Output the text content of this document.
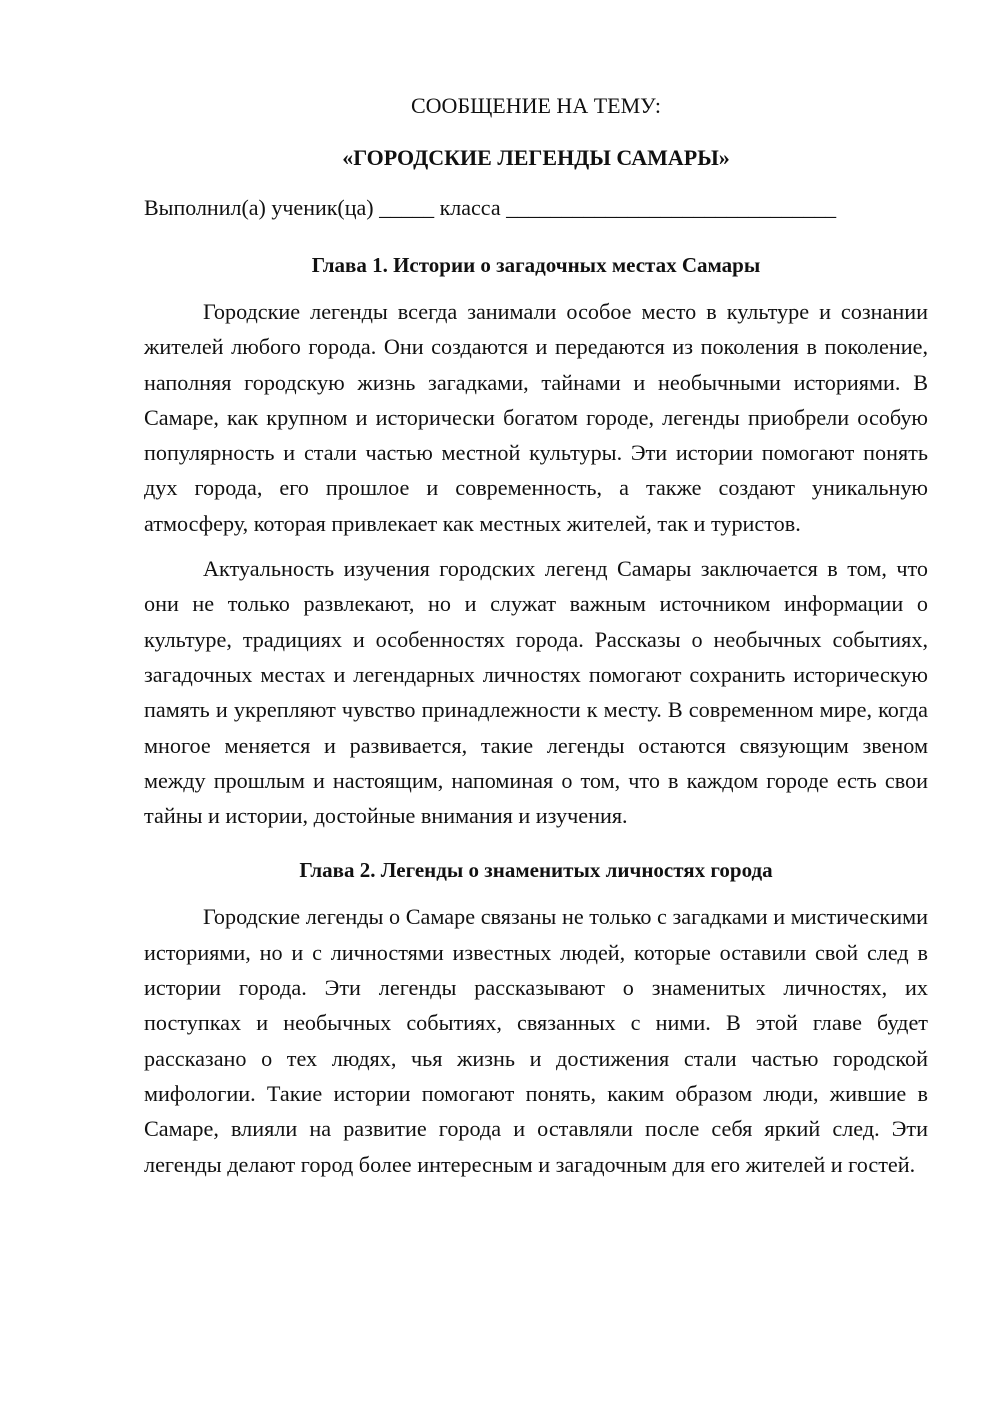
СООБЩЕНИЕ НА ТЕМУ:

«ГОРОДСКИЕ ЛЕГЕНДЫ САМАРЫ»

Выполнил(а) ученик(ца) _____ класса ______________________________

Глава 1. Истории о загадочных местах Самары

Городские легенды всегда занимали особое место в культуре и сознании жителей любого города. Они создаются и передаются из поколения в поколение, наполняя городскую жизнь загадками, тайнами и необычными историями. В Самаре, как крупном и исторически богатом городе, легенды приобрели особую популярность и стали частью местной культуры. Эти истории помогают понять дух города, его прошлое и современность, а также создают уникальную атмосферу, которая привлекает как местных жителей, так и туристов.

Актуальность изучения городских легенд Самары заключается в том, что они не только развлекают, но и служат важным источником информации о культуре, традициях и особенностях города. Рассказы о необычных событиях, загадочных местах и легендарных личностях помогают сохранить историческую память и укрепляют чувство принадлежности к месту. В современном мире, когда многое меняется и развивается, такие легенды остаются связующим звеном между прошлым и настоящим, напоминая о том, что в каждом городе есть свои тайны и истории, достойные внимания и изучения.

Глава 2. Легенды о знаменитых личностях города

Городские легенды о Самаре связаны не только с загадками и мистическими историями, но и с личностями известных людей, которые оставили свой след в истории города. Эти легенды рассказывают о знаменитых личностях, их поступках и необычных событиях, связанных с ними. В этой главе будет рассказано о тех людях, чья жизнь и достижения стали частью городской мифологии. Такие истории помогают понять, каким образом люди, жившие в Самаре, влияли на развитие города и оставляли после себя яркий след. Эти легенды делают город более интересным и загадочным для его жителей и гостей.
